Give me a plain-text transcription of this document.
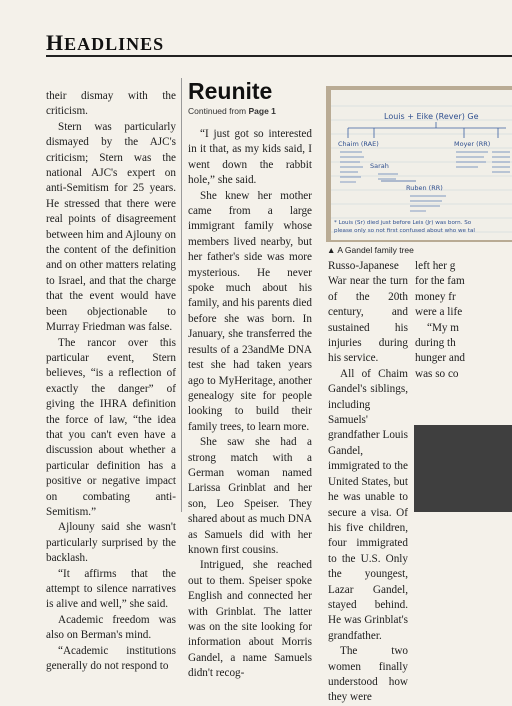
HEADLINES

their dismay with the criticism.

Stern was particularly dismayed by the AJC's criticism; Stern was the national AJC's expert on anti-Semitism for 25 years. He stressed that there were real points of disagreement between him and Ajlouny on the content of the definition and on other matters relating to Israel, and that the charge that the event would have been objectionable to Murray Friedman was false.

The rancor over this particular event, Stern believes, “is a reflection of exactly the danger” of giving the IHRA definition the force of law, “the idea that you can't even have a discussion about whether a particular definition has a positive or negative impact on combating anti-Semitism.”

Ajlouny said she wasn't particularly surprised by the backlash.

“It affirms that the attempt to silence narratives is alive and well,” she said.

Academic freedom was also on Berman's mind.

“Academic institutions generally do not respond to

Reunite
Continued from Page 1

“I just got so interested in it that, as my kids said, I went down the rabbit hole,” she said.

She knew her mother came from a large immigrant family whose members lived nearby, but her father's side was more mysterious. He never spoke much about his family, and his parents died before she was born. In January, she transferred the results of a 23andMe DNA test she had taken years ago to MyHeritage, another genealogy site for people looking to build their family trees, to learn more.

She saw she had a strong match with a German woman named Larissa Grinblat and her son, Leo Speiser. They shared about as much DNA as Samuels did with her known first cousins.

Intrigued, she reached out to them. Speiser spoke English and connected her with Grinblat. The latter was on the site looking for information about Morris Gandel, a name Samuels didn't recog-

Louis + Eike (Rever) Ge
Chaim (RAE)
Sarah
Moyer (RR)
Ruben (RR)
* Louis (Sr) died just before Leis (Jr) was born. So
please only so not first confused about who we tal
▲ A Gandel family tree

Russo-Japanese War near the turn of the 20th century, and sustained his injuries during his service.

All of Chaim Gandel's siblings, including Samuels' grandfather Louis Gandel, immigrated to the United States, but he was unable to secure a visa. Of his five children, four immigrated to the U.S. Only the youngest, Lazar Gandel, stayed behind. He was Grinblat's grandfather.

The two women finally understood how they were

left her g
for the fam
money fr
were a life
“My m
during th
hunger and
was so co
